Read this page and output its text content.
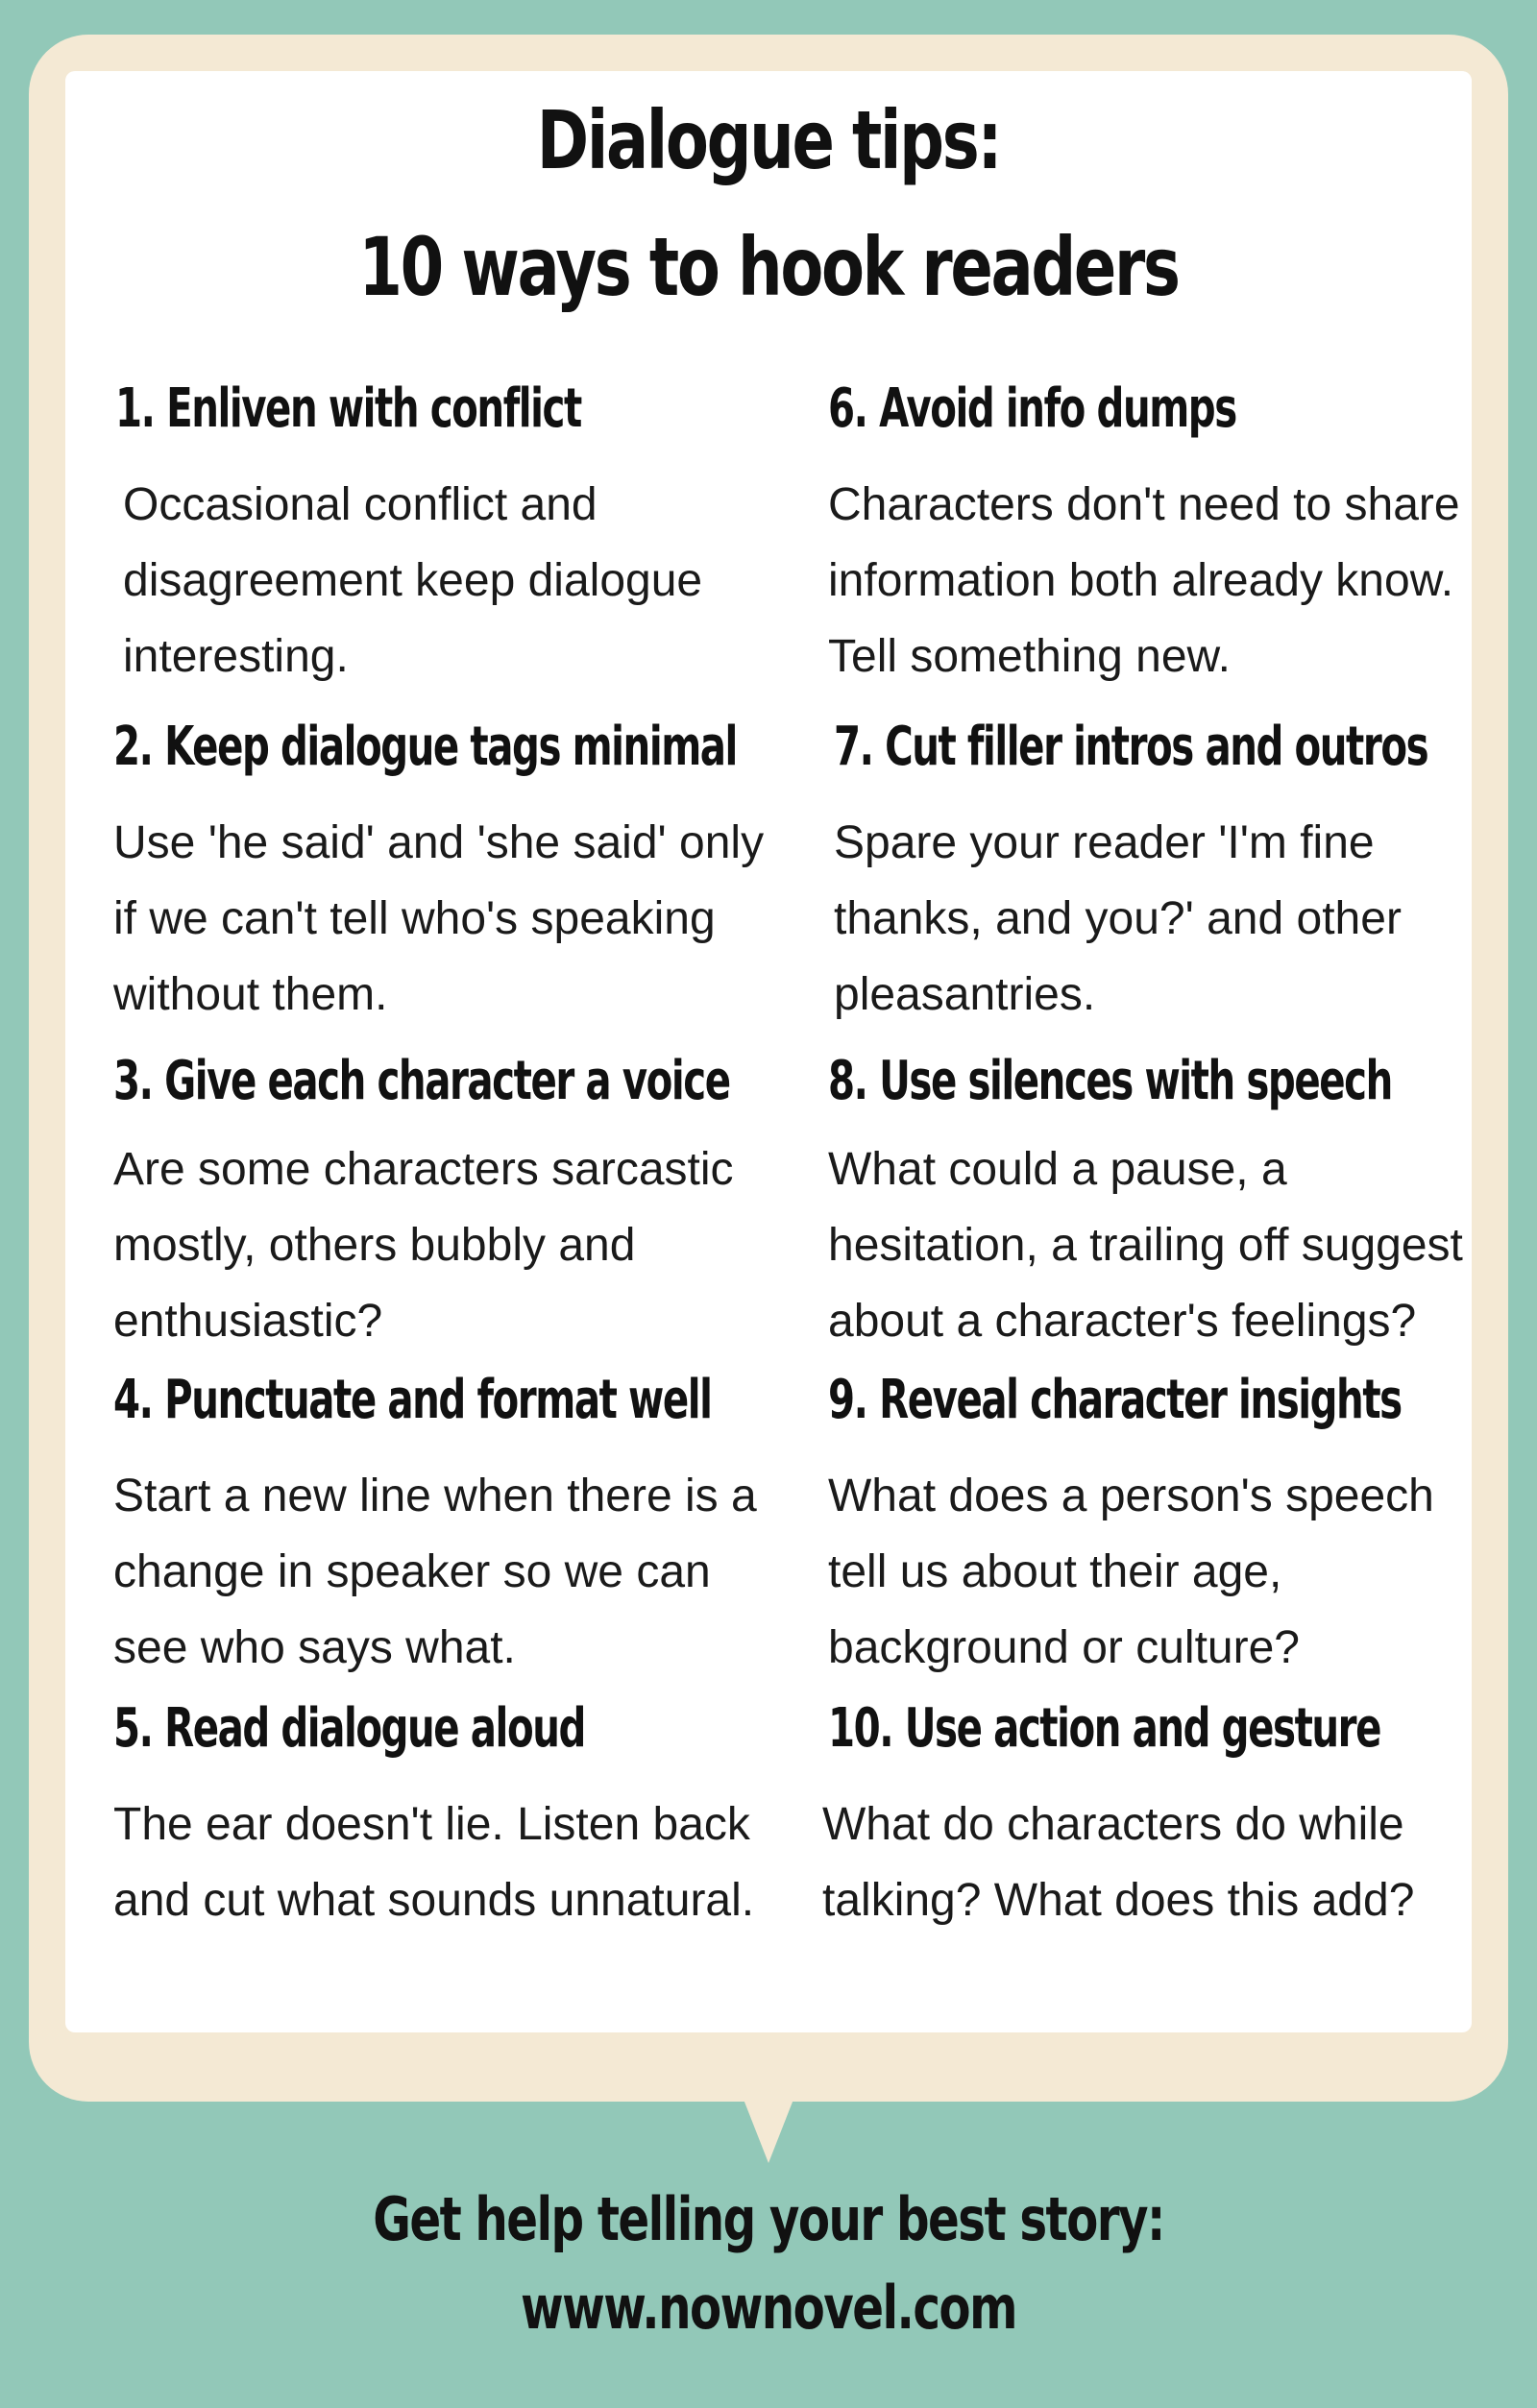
Dialogue tips:
10 ways to hook readers
1. Enliven with conflict
Occasional conflict and disagreement keep dialogue interesting.
2. Keep dialogue tags minimal
Use 'he said' and 'she said' only if we can't tell who's speaking without them.
3. Give each character a voice
Are some characters sarcastic mostly, others bubbly and enthusiastic?
4. Punctuate and format well
Start a new line when there is a change in speaker so we can see who says what.
5. Read dialogue aloud
The ear doesn't lie. Listen back and cut what sounds unnatural.
6. Avoid info dumps
Characters don't need to share information both already know. Tell something new.
7. Cut filler intros and outros
Spare your reader 'I'm fine thanks, and you?' and other pleasantries.
8. Use silences with speech
What could a pause, a hesitation, a trailing off suggest about a character's feelings?
9. Reveal character insights
What does a person's speech tell us about their age, background or culture?
10. Use action and gesture
What do characters do while talking? What does this add?
Get help telling your best story:
www.nownovel.com
